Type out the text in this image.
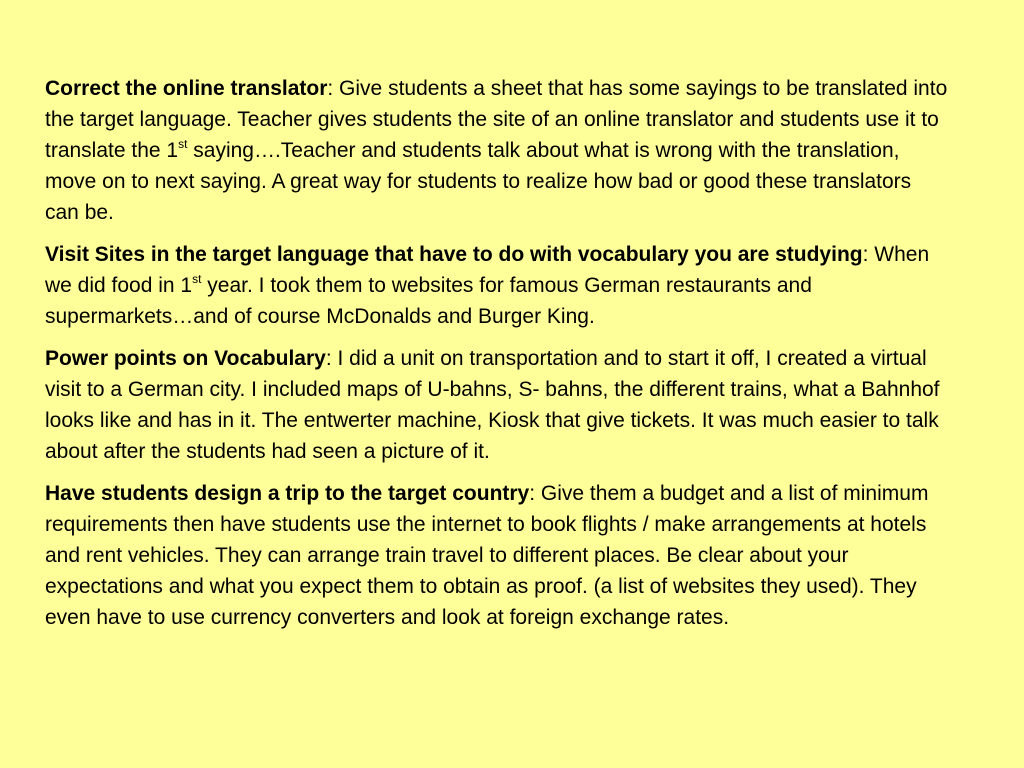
Correct the online translator: Give students a sheet that has some sayings to be translated into the target language. Teacher gives students the site of an online translator and students use it to translate the 1st saying….Teacher and students talk about what is wrong with the translation, move on to next saying. A great way for students to realize how bad or good these translators can be.

Visit Sites in the target language that have to do with vocabulary you are studying: When we did food in 1st year. I took them to websites for famous German restaurants and supermarkets…and of course McDonalds and Burger King.

Power points on Vocabulary: I did a unit on transportation and to start it off, I created a virtual visit to a German city. I included maps of U-bahns, S- bahns, the different trains, what a Bahnhof looks like and has in it. The entwerter machine, Kiosk that give tickets. It was much easier to talk about after the students had seen a picture of it.

Have students design a trip to the target country: Give them a budget and a list of minimum requirements then have students use the internet to book flights / make arrangements at hotels and rent vehicles. They can arrange train travel to different places. Be clear about your expectations and what you expect them to obtain as proof. (a list of websites they used). They even have to use currency converters and look at foreign exchange rates.
